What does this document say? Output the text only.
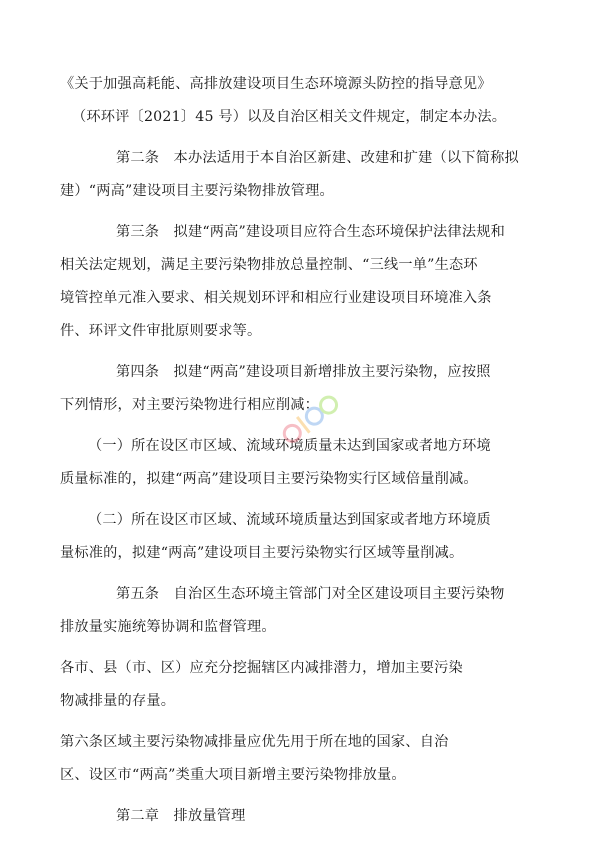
《关于加强高耗能、高排放建设项目生态环境源头防控的指导意见》
（环环评〔2021〕45 号）以及自治区相关文件规定，制定本办法。

第二条　本办法适用于本自治区新建、改建和扩建（以下简称拟
建）“两高”建设项目主要污染物排放管理。

第三条　拟建“两高”建设项目应符合生态环境保护法律法规和
相关法定规划，满足主要污染物排放总量控制、“三线一单”生态环
境管控单元准入要求、相关规划环评和相应行业建设项目环境准入条
件、环评文件审批原则要求等。

第四条　拟建“两高”建设项目新增排放主要污染物，应按照
下列情形，对主要污染物进行相应削减：

（一）所在设区市区域、流域环境质量未达到国家或者地方环境
质量标准的，拟建“两高”建设项目主要污染物实行区域倍量削减。

（二）所在设区市区域、流域环境质量达到国家或者地方环境质
量标准的，拟建“两高”建设项目主要污染物实行区域等量削减。

第五条　自治区生态环境主管部门对全区建设项目主要污染物
排放量实施统筹协调和监督管理。

各市、县（市、区）应充分挖掘辖区内减排潜力，增加主要污染
物减排量的存量。

第六条区域主要污染物减排量应优先用于所在地的国家、自治
区、设区市“两高”类重大项目新增主要污染物排放量。

第二章　排放量管理
